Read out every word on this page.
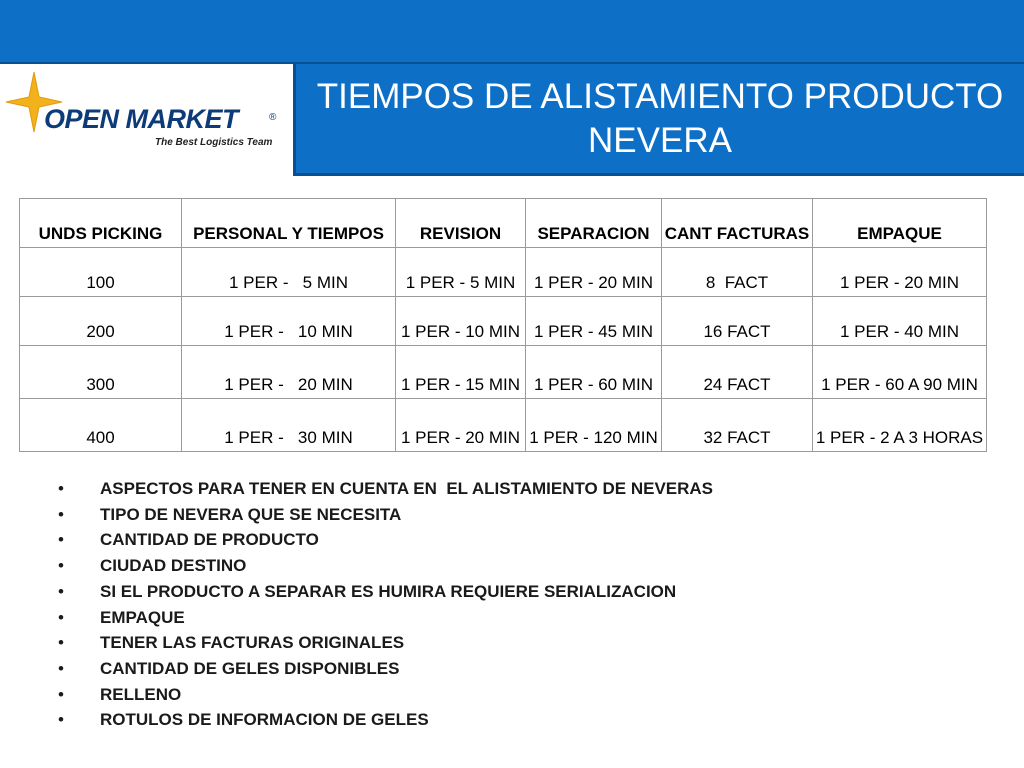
OPEN MARKET	®
The Best Logistics Team
TIEMPOS DE ALISTAMIENTO PRODUCTO NEVERA
UNDS PICKING	PERSONAL Y TIEMPOS	REVISION	SEPARACION	CANT FACTURAS	EMPAQUE
100	1 PER -   5 MIN	1 PER - 5 MIN	1 PER - 20 MIN	8  FACT	1 PER - 20 MIN
200	1 PER -   10 MIN	1 PER - 10 MIN	1 PER - 45 MIN	16 FACT	1 PER - 40 MIN
300	1 PER -   20 MIN	1 PER - 15 MIN	1 PER - 60 MIN	24 FACT	1 PER - 60 A 90 MIN
400	1 PER -   30 MIN	1 PER - 20 MIN	1 PER - 120 MIN	32 FACT	1 PER - 2 A 3 HORAS
• ASPECTOS PARA TENER EN CUENTA EN  EL ALISTAMIENTO DE NEVERAS
• TIPO DE NEVERA QUE SE NECESITA
• CANTIDAD DE PRODUCTO
• CIUDAD DESTINO
• SI EL PRODUCTO A SEPARAR ES HUMIRA REQUIERE SERIALIZACION
• EMPAQUE
• TENER LAS FACTURAS ORIGINALES
• CANTIDAD DE GELES DISPONIBLES
• RELLENO
• ROTULOS DE INFORMACION DE GELES
